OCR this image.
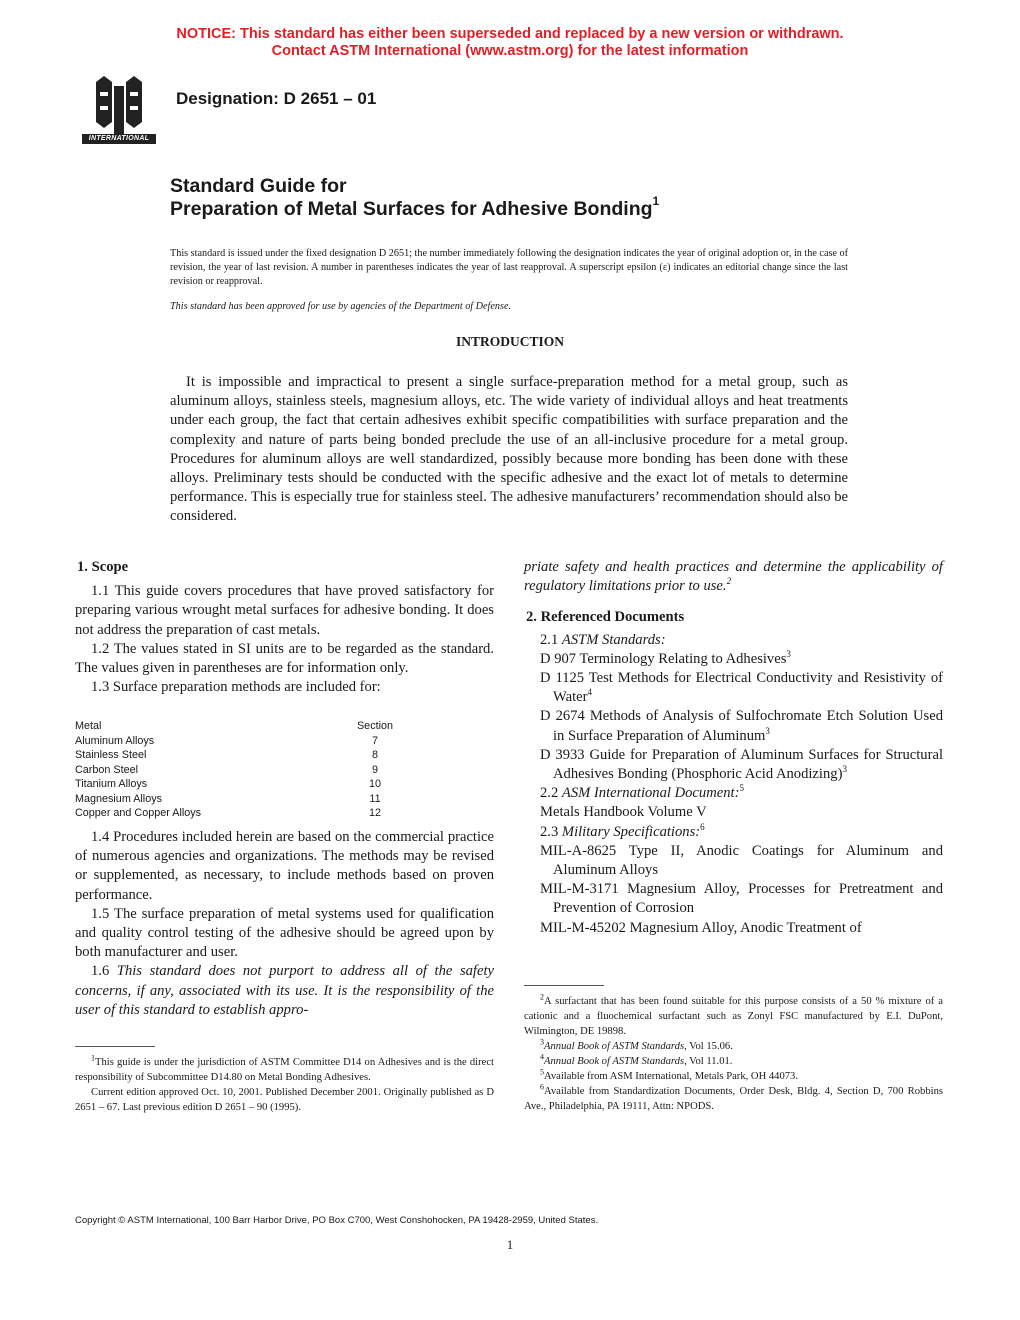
NOTICE: This standard has either been superseded and replaced by a new version or withdrawn.
Contact ASTM International (www.astm.org) for the latest information
INTERNATIONAL
Designation: D 2651 – 01
Standard Guide for
Preparation of Metal Surfaces for Adhesive Bonding$^1$
This standard is issued under the fixed designation D 2651; the number immediately following the designation indicates the year of original adoption or, in the case of revision, the year of last revision. A number in parentheses indicates the year of last reapproval. A superscript epsilon (ε) indicates an editorial change since the last revision or reapproval.
This standard has been approved for use by agencies of the Department of Defense.
INTRODUCTION
It is impossible and impractical to present a single surface-preparation method for a metal group, such as aluminum alloys, stainless steels, magnesium alloys, etc. The wide variety of individual alloys and heat treatments under each group, the fact that certain adhesives exhibit specific compatibilities with surface preparation and the complexity and nature of parts being bonded preclude the use of an all-inclusive procedure for a metal group. Procedures for aluminum alloys are well standardized, possibly because more bonding has been done with these alloys. Preliminary tests should be conducted with the specific adhesive and the exact lot of metals to determine performance. This is especially true for stainless steel. The adhesive manufacturers’ recommendation should also be considered.
1. Scope
1.1 This guide covers procedures that have proved satisfactory for preparing various wrought metal surfaces for adhesive bonding. It does not address the preparation of cast metals.
1.2 The values stated in SI units are to be regarded as the standard. The values given in parentheses are for information only.
1.3 Surface preparation methods are included for:
Metal	Section
Aluminum Alloys	7
Stainless Steel	8
Carbon Steel	9
Titanium Alloys	10
Magnesium Alloys	11
Copper and Copper Alloys	12
1.4 Procedures included herein are based on the commercial practice of numerous agencies and organizations. The methods may be revised or supplemented, as necessary, to include methods based on proven performance.
1.5 The surface preparation of metal systems used for qualification and quality control testing of the adhesive should be agreed upon by both manufacturer and user.
1.6 This standard does not purport to address all of the safety concerns, if any, associated with its use. It is the responsibility of the user of this standard to establish appro-
$^1$This guide is under the jurisdiction of ASTM Committee D14 on Adhesives and is the direct responsibility of Subcommittee D14.80 on Metal Bonding Adhesives.
Current edition approved Oct. 10, 2001. Published December 2001. Originally published as D 2651 – 67. Last previous edition D 2651 – 90 (1995).
priate safety and health practices and determine the applicability of regulatory limitations prior to use.$^2$
2. Referenced Documents
2.1 ASTM Standards:
D 907 Terminology Relating to Adhesives$^3$
D 1125 Test Methods for Electrical Conductivity and Resistivity of Water$^4$
D 2674 Methods of Analysis of Sulfochromate Etch Solution Used in Surface Preparation of Aluminum$^3$
D 3933 Guide for Preparation of Aluminum Surfaces for Structural Adhesives Bonding (Phosphoric Acid Anodizing)$^3$
2.2 ASM International Document:$^5$
Metals Handbook Volume V
2.3 Military Specifications:$^6$
MIL-A-8625 Type II, Anodic Coatings for Aluminum and Aluminum Alloys
MIL-M-3171 Magnesium Alloy, Processes for Pretreatment and Prevention of Corrosion
MIL-M-45202 Magnesium Alloy, Anodic Treatment of
$^2$A surfactant that has been found suitable for this purpose consists of a 50 % mixture of a cationic and a fluochemical surfactant such as Zonyl FSC manufactured by E.I. DuPont, Wilmington, DE 19898.
$^3$Annual Book of ASTM Standards, Vol 15.06.
$^4$Annual Book of ASTM Standards, Vol 11.01.
$^5$Available from ASM International, Metals Park, OH 44073.
$^6$Available from Standardization Documents, Order Desk, Bldg. 4, Section D, 700 Robbins Ave., Philadelphia, PA 19111, Attn: NPODS.
Copyright © ASTM International, 100 Barr Harbor Drive, PO Box C700, West Conshohocken, PA 19428-2959, United States.
1
